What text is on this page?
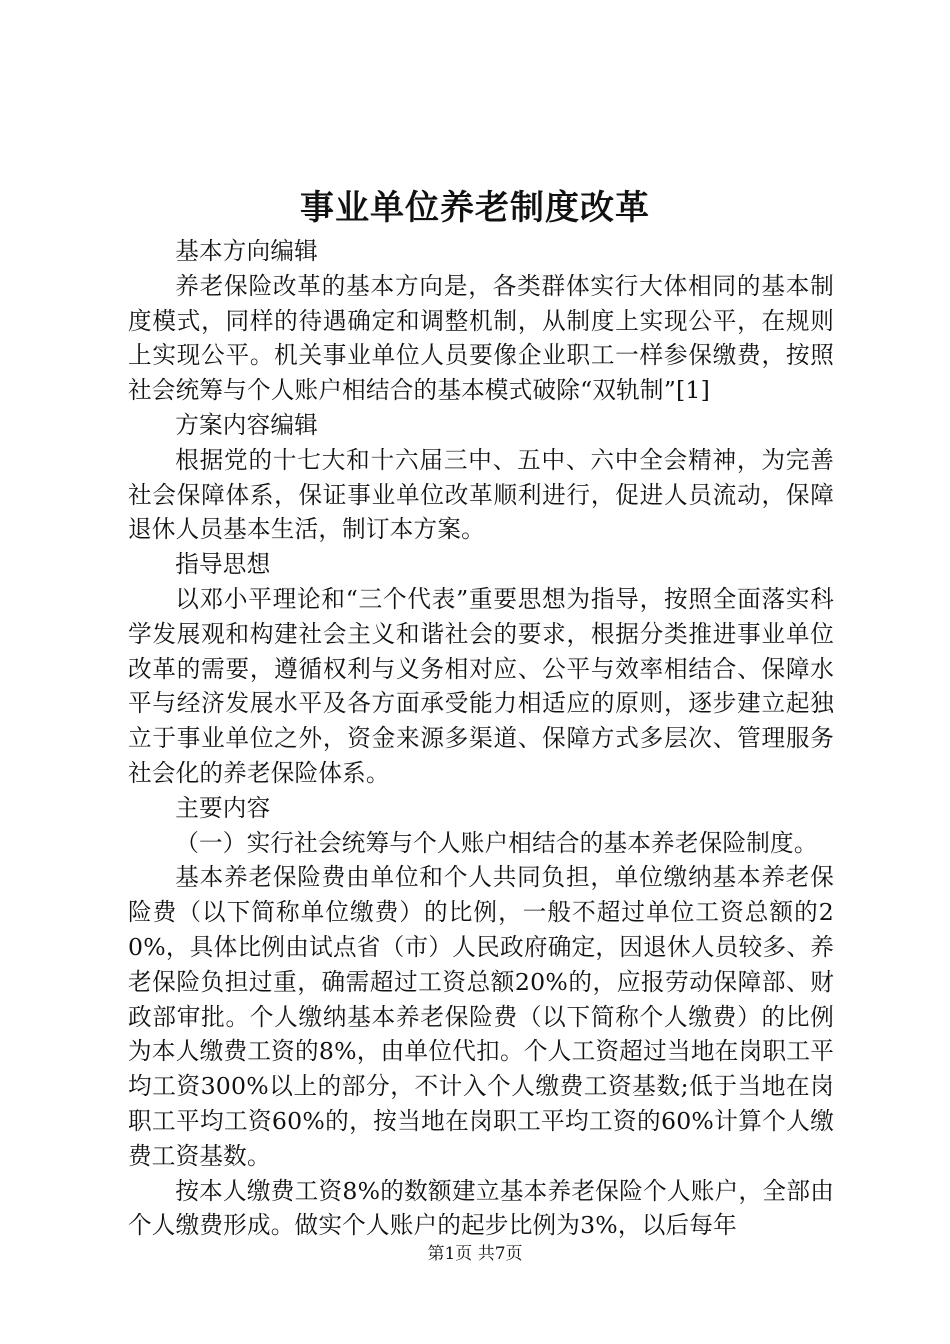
事业单位养老制度改革

基本方向编辑

养老保险改革的基本方向是，各类群体实行大体相同的基本制度模式，同样的待遇确定和调整机制，从制度上实现公平，在规则上实现公平。机关事业单位人员要像企业职工一样参保缴费，按照社会统筹与个人账户相结合的基本模式破除“双轨制”[1]

方案内容编辑

根据党的十七大和十六届三中、五中、六中全会精神，为完善社会保障体系，保证事业单位改革顺利进行，促进人员流动，保障退休人员基本生活，制订本方案。

指导思想

以邓小平理论和“三个代表”重要思想为指导，按照全面落实科学发展观和构建社会主义和谐社会的要求，根据分类推进事业单位改革的需要，遵循权利与义务相对应、公平与效率相结合、保障水平与经济发展水平及各方面承受能力相适应的原则，逐步建立起独立于事业单位之外，资金来源多渠道、保障方式多层次、管理服务社会化的养老保险体系。

主要内容

（一）实行社会统筹与个人账户相结合的基本养老保险制度。

基本养老保险费由单位和个人共同负担，单位缴纳基本养老保险费（以下简称单位缴费）的比例，一般不超过单位工资总额的20%，具体比例由试点省（市）人民政府确定，因退休人员较多、养老保险负担过重，确需超过工资总额20%的，应报劳动保障部、财政部审批。个人缴纳基本养老保险费（以下简称个人缴费）的比例为本人缴费工资的8%，由单位代扣。个人工资超过当地在岗职工平均工资300%以上的部分，不计入个人缴费工资基数;低于当地在岗职工平均工资60%的，按当地在岗职工平均工资的60%计算个人缴费工资基数。

按本人缴费工资8%的数额建立基本养老保险个人账户，全部由个人缴费形成。做实个人账户的起步比例为3%，以后每年

第1页 共7页
